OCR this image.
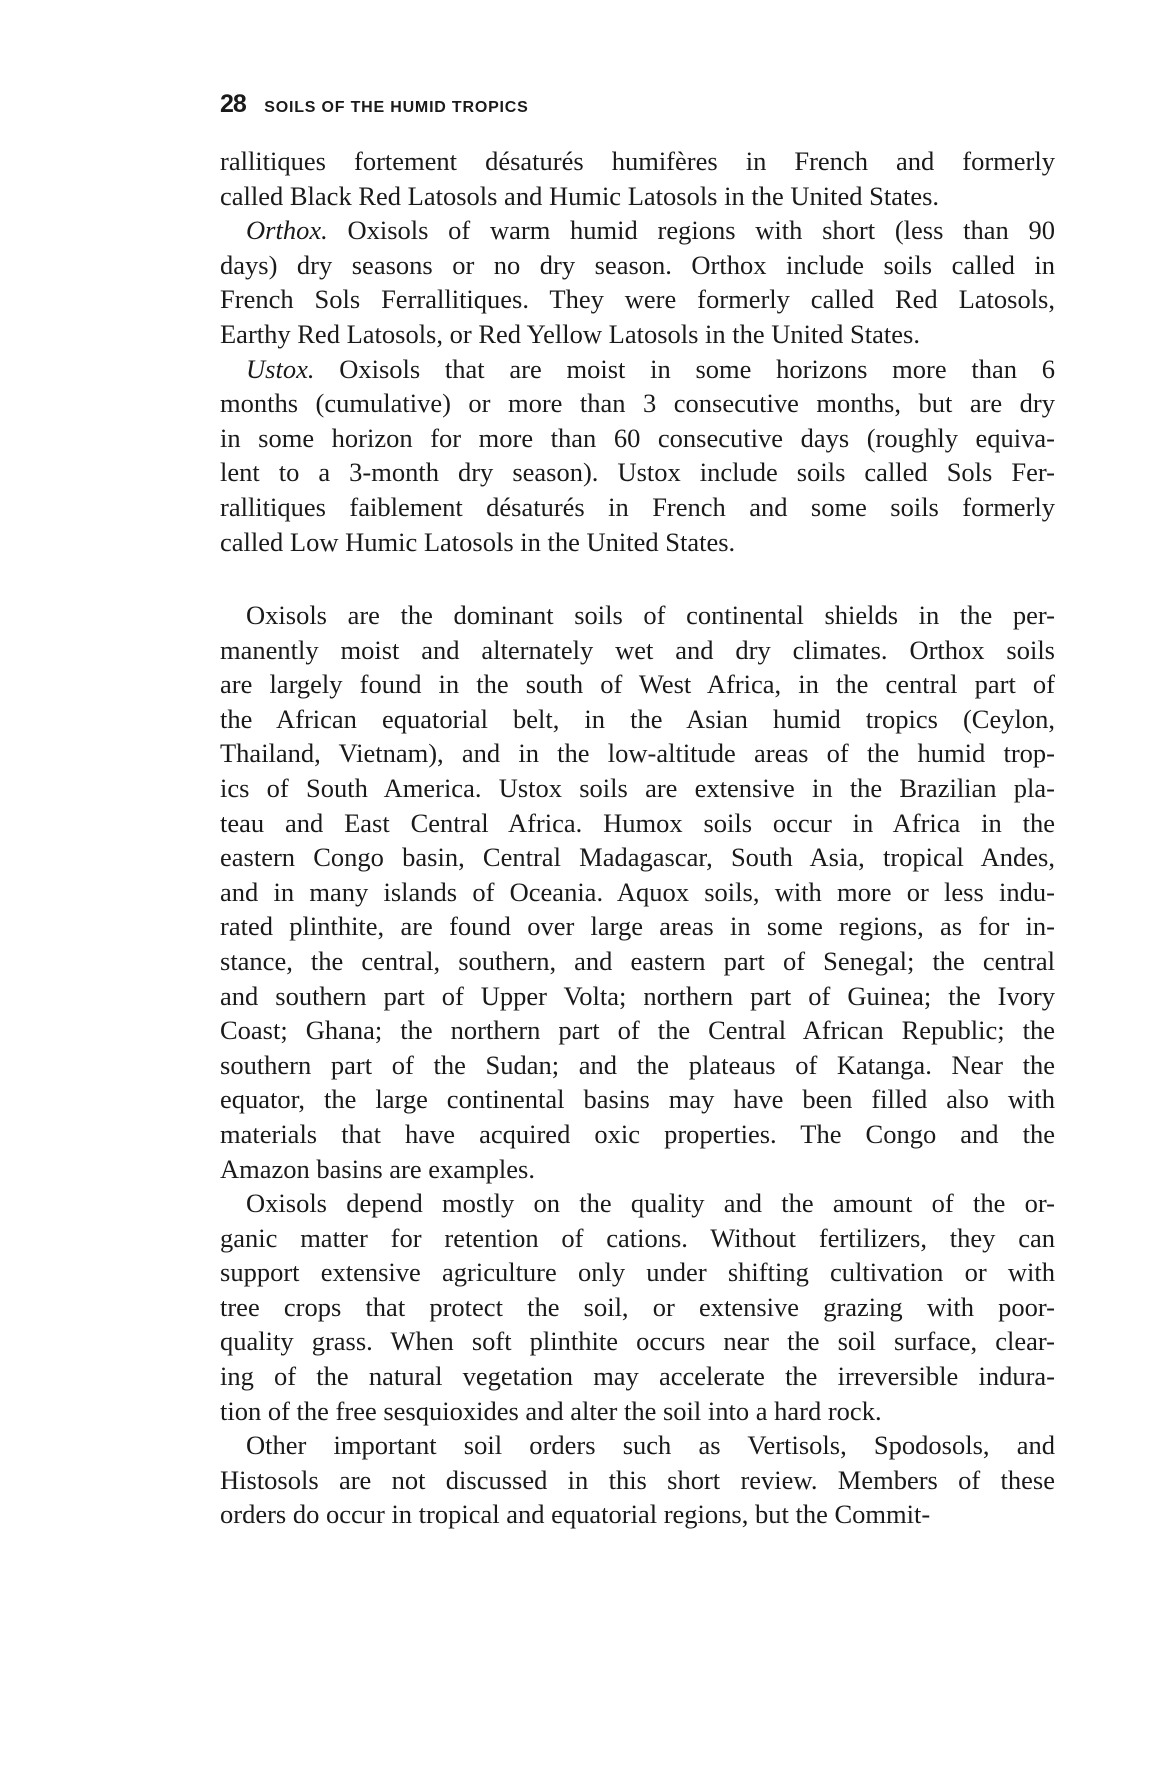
28 SOILS OF THE HUMID TROPICS

rallitiques fortement désaturés humifères in French and formerly
called Black Red Latosols and Humic Latosols in the United States.

Orthox. Oxisols of warm humid regions with short (less than 90
days) dry seasons or no dry season. Orthox include soils called in
French Sols Ferrallitiques. They were formerly called Red Latosols,
Earthy Red Latosols, or Red Yellow Latosols in the United States.

Ustox. Oxisols that are moist in some horizons more than 6
months (cumulative) or more than 3 consecutive months, but are dry
in some horizon for more than 60 consecutive days (roughly equiva-
lent to a 3-month dry season). Ustox include soils called Sols Fer-
rallitiques faiblement désaturés in French and some soils formerly
called Low Humic Latosols in the United States.

Oxisols are the dominant soils of continental shields in the per-
manently moist and alternately wet and dry climates. Orthox soils
are largely found in the south of West Africa, in the central part of
the African equatorial belt, in the Asian humid tropics (Ceylon,
Thailand, Vietnam), and in the low-altitude areas of the humid trop-
ics of South America. Ustox soils are extensive in the Brazilian pla-
teau and East Central Africa. Humox soils occur in Africa in the
eastern Congo basin, Central Madagascar, South Asia, tropical Andes,
and in many islands of Oceania. Aquox soils, with more or less indu-
rated plinthite, are found over large areas in some regions, as for in-
stance, the central, southern, and eastern part of Senegal; the central
and southern part of Upper Volta; northern part of Guinea; the Ivory
Coast; Ghana; the northern part of the Central African Republic; the
southern part of the Sudan; and the plateaus of Katanga. Near the
equator, the large continental basins may have been filled also with
materials that have acquired oxic properties. The Congo and the
Amazon basins are examples.

Oxisols depend mostly on the quality and the amount of the or-
ganic matter for retention of cations. Without fertilizers, they can
support extensive agriculture only under shifting cultivation or with
tree crops that protect the soil, or extensive grazing with poor-
quality grass. When soft plinthite occurs near the soil surface, clear-
ing of the natural vegetation may accelerate the irreversible indura-
tion of the free sesquioxides and alter the soil into a hard rock.

Other important soil orders such as Vertisols, Spodosols, and
Histosols are not discussed in this short review. Members of these
orders do occur in tropical and equatorial regions, but the Commit-
